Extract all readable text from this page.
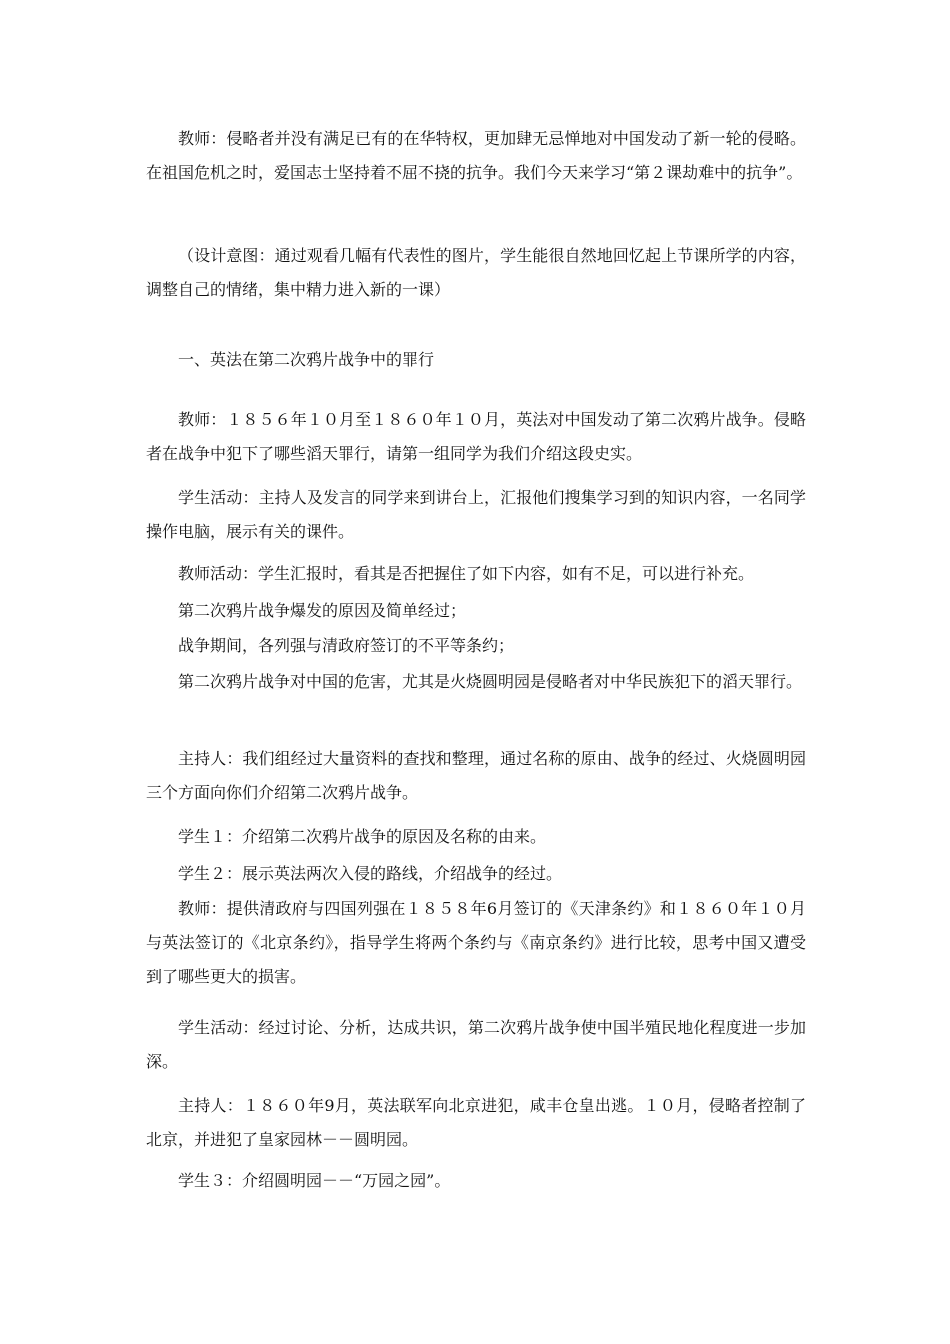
教师：侵略者并没有满足已有的在华特权，更加肆无忌惮地对中国发动了新一轮的侵略。在祖国危机之时，爱国志士坚持着不屈不挠的抗争。我们今天来学习“第２课劫难中的抗争”。

（设计意图：通过观看几幅有代表性的图片，学生能很自然地回忆起上节课所学的内容，调整自己的情绪，集中精力进入新的一课）

一、英法在第二次鸦片战争中的罪行

教师：１８５６年１０月至１８６０年１０月，英法对中国发动了第二次鸦片战争。侵略者在战争中犯下了哪些滔天罪行，请第一组同学为我们介绍这段史实。

学生活动：主持人及发言的同学来到讲台上，汇报他们搜集学习到的知识内容，一名同学操作电脑，展示有关的课件。

教师活动：学生汇报时，看其是否把握住了如下内容，如有不足，可以进行补充。

第二次鸦片战争爆发的原因及简单经过；

战争期间，各列强与清政府签订的不平等条约；

第二次鸦片战争对中国的危害，尤其是火烧圆明园是侵略者对中华民族犯下的滔天罪行。

主持人：我们组经过大量资料的查找和整理，通过名称的原由、战争的经过、火烧圆明园三个方面向你们介绍第二次鸦片战争。

学生１：介绍第二次鸦片战争的原因及名称的由来。

学生２：展示英法两次入侵的路线，介绍战争的经过。

教师：提供清政府与四国列强在１８５８年6月签订的《天津条约》和１８６０年１０月与英法签订的《北京条约》，指导学生将两个条约与《南京条约》进行比较，思考中国又遭受到了哪些更大的损害。

学生活动：经过讨论、分析，达成共识，第二次鸦片战争使中国半殖民地化程度进一步加深。

主持人：１８６０年9月，英法联军向北京进犯，咸丰仓皇出逃。１０月，侵略者控制了北京，并进犯了皇家园林－－圆明园。

学生３：介绍圆明园－－“万园之园”。
